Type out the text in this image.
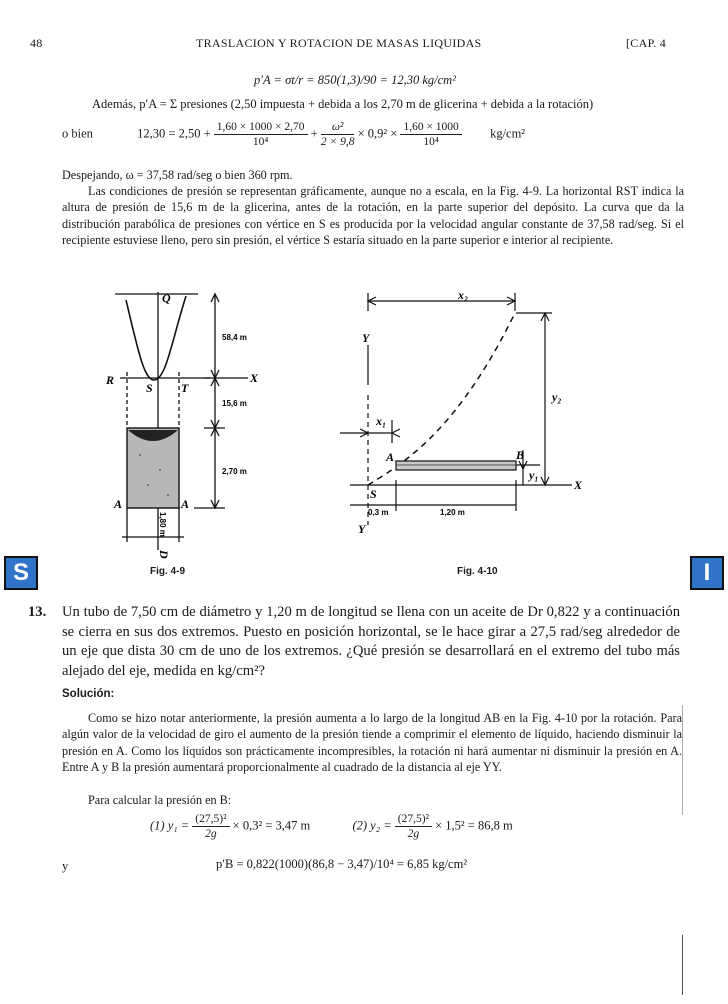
48	TRASLACION Y ROTACION DE MASAS LIQUIDAS	[CAP. 4
p′A = σt/r = 850(1,3)/90 = 12,30 kg/cm²
Además, p′A = Σ presiones (2,50 impuesta + debida a los 2,70 m de glicerina + debida a la rotación)
o bien	$12,30 = 2,50 + \frac{1,60 \times 1000 \times 2,70}{\text{10⁴}} + \frac{\text{ω²}}{2 \times 9,8} \times 0,9^2 \times \frac{1,60 \times 1000}{\text{10⁴}} kg/cm^2$
Despejando, ω = 37,58 rad/seg o bien 360 rpm.
Las condiciones de presión se representan gráficamente, aunque no a escala, en la Fig. 4-9. La horizontal RST indica la altura de presión de 15,6 m de la glicerina, antes de la rotación, en la parte superior del depósito. La curva que da la distribución parabólica de presiones con vértice en S es producida por la velocidad angular constante de 37,58 rad/seg. Si el recipiente estuviese lleno, pero sin presión, el vértice S estaría situado en la parte superior e interior al recipiente.
Q
R
S T
X
A	A
58,4 m
15,6 m
2,70 m
1,80 m
D
Fig. 4-9
x₂
Y
y₂
x₁
A	B
y₁
S
X
Y
0,3 m	1,20 m
Fig. 4-10
S	I
13. Un tubo de 7,50 cm de diámetro y 1,20 m de longitud se llena con un aceite de Dr 0,822 y a continuación se cierra en sus dos extremos. Puesto en posición horizontal, se le hace girar a 27,5 rad/seg alrededor de un eje que dista 30 cm de uno de los extremos. ¿Qué presión se desarrollará en el extremo del tubo más alejado del eje, medida en kg/cm²?
Solución:
Como se hizo notar anteriormente, la presión aumenta a lo largo de la longitud AB en la Fig. 4-10 por la rotación. Para algún valor de la velocidad de giro el aumento de la presión tiende a comprimir el elemento de líquido, haciendo disminuir la presión en A. Como los líquidos son prácticamente incompresibles, la rotación ni hará aumentar ni disminuir la presión en A. Entre A y B la presión aumentará proporcionalmente al cuadrado de la distancia al eje YY.
Para calcular la presión en B:
(1) $y_1 = \frac{\text{(27,5)²}}{2g} \times 0,3^2 = 3,47$ m	(2) $y_2 = \frac{\text{(27,5)²}}{2g} \times 1,5^2 = 86,8$ m
y	p′B = 0,822(1000)(86,8 − 3,47)/10⁴ = 6,85 kg/cm²
